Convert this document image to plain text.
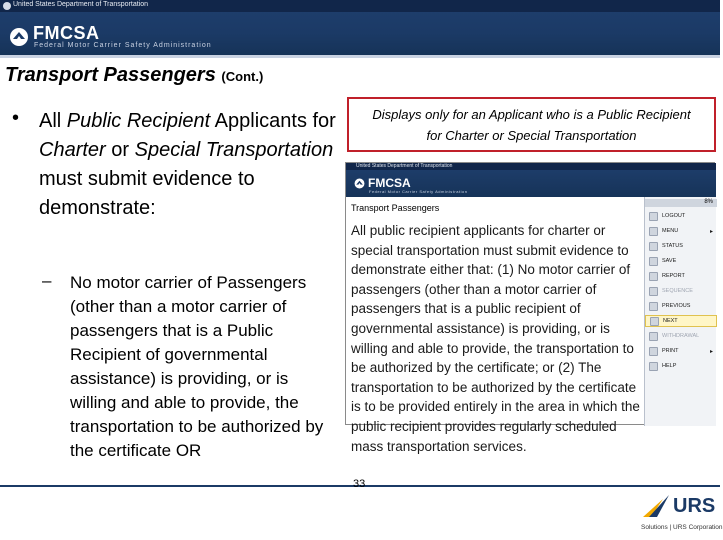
United States Department of Transportation
FMCSA
Federal Motor Carrier Safety Administration
Transport Passengers (Cont.)
• All Public Recipient Applicants for Charter or Special Transportation must submit evidence to demonstrate:
– No motor carrier of Passengers (other than a motor carrier of passengers that is a Public Recipient of governmental assistance) is providing, or is willing and able to provide, the transportation to be authorized by the certificate OR
Displays only for an Applicant who is a Public Recipient for Charter or Special Transportation
United States Department of Transportation
FMCSA
Federal Motor Carrier Safety Administration
Transport Passengers
All public recipient applicants for charter or special transportation must submit evidence to demonstrate either that: (1) No motor carrier of passengers (other than a motor carrier of passengers that is a public recipient of governmental assistance) is providing, or is willing and able to provide, the transportation to be authorized by the certificate; or (2) The transportation to be authorized by the certificate is to be provided entirely in the area in which the public recipient provides regularly scheduled mass transportation services.
8%
LOGOUT
MENU	▸
STATUS
SAVE
REPORT
SEQUENCE
PREVIOUS
NEXT
WITHDRAWAL
PRINT	▸
HELP
33
URS
Solutions | URS Corporation
